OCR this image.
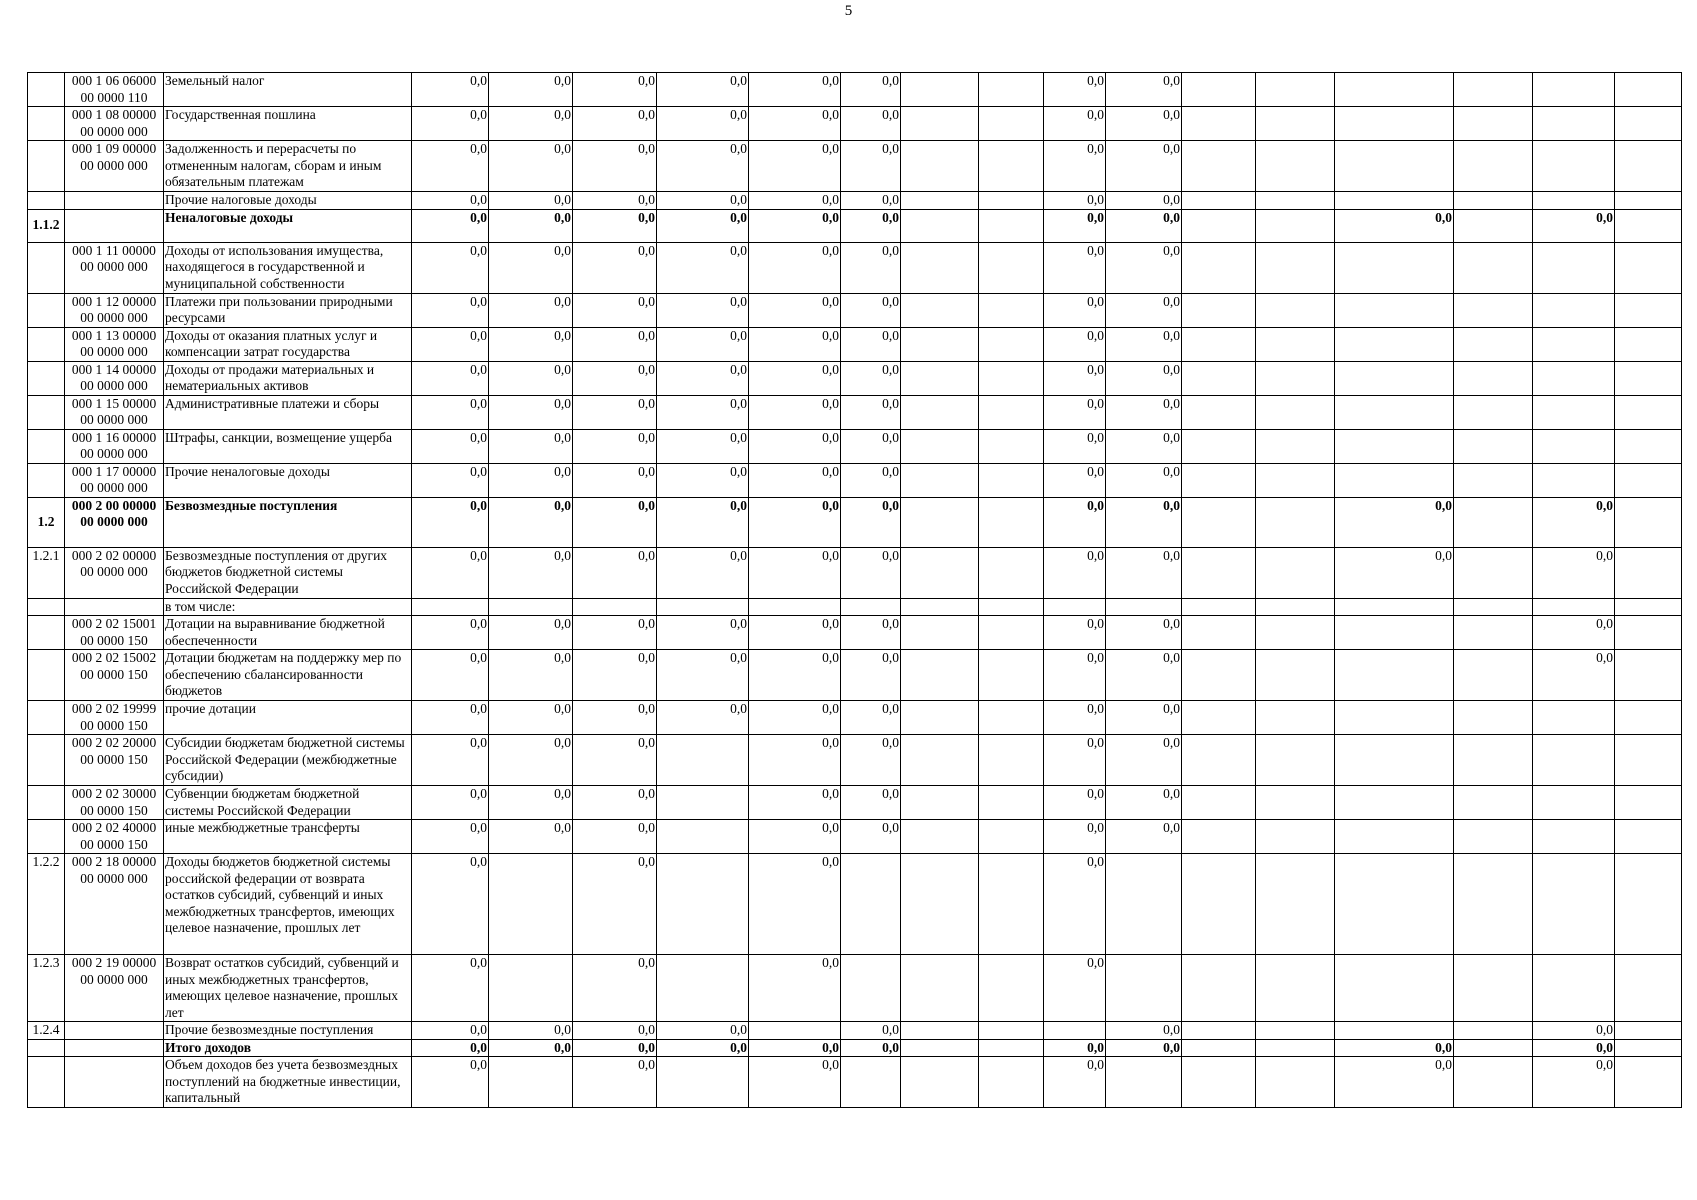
5
	000 1 06 06000 00 0000 110	Земельный налог	0,0	0,0	0,0	0,0	0,0	0,0			0,0	0,0						
	000 1 08 00000 00 0000 000	Государственная пошлина	0,0	0,0	0,0	0,0	0,0	0,0			0,0	0,0						
	000 1 09 00000 00 0000 000	Задолженность и перерасчеты по отмененным налогам, сборам и иным обязательным платежам	0,0	0,0	0,0	0,0	0,0	0,0			0,0	0,0						
		Прочие налоговые доходы	0,0	0,0	0,0	0,0	0,0	0,0			0,0	0,0						
1.1.2		Неналоговые доходы	0,0	0,0	0,0	0,0	0,0	0,0			0,0	0,0			0,0		0,0	
	000 1 11 00000 00 0000 000	Доходы от использования имущества, находящегося в государственной и муниципальной собственности	0,0	0,0	0,0	0,0	0,0	0,0			0,0	0,0						
	000 1 12 00000 00 0000 000	Платежи при пользовании природными ресурсами	0,0	0,0	0,0	0,0	0,0	0,0			0,0	0,0						
	000 1 13 00000 00 0000 000	Доходы от оказания платных услуг и компенсации затрат государства	0,0	0,0	0,0	0,0	0,0	0,0			0,0	0,0						
	000 1 14 00000 00 0000 000	Доходы от продажи материальных и нематериальных активов	0,0	0,0	0,0	0,0	0,0	0,0			0,0	0,0						
	000 1 15 00000 00 0000 000	Административные платежи и сборы	0,0	0,0	0,0	0,0	0,0	0,0			0,0	0,0						
	000 1 16 00000 00 0000 000	Штрафы, санкции, возмещение ущерба	0,0	0,0	0,0	0,0	0,0	0,0			0,0	0,0						
	000 1 17 00000 00 0000 000	Прочие неналоговые доходы	0,0	0,0	0,0	0,0	0,0	0,0			0,0	0,0						
1.2	000 2 00 00000 00 0000 000	Безвозмездные поступления	0,0	0,0	0,0	0,0	0,0	0,0			0,0	0,0			0,0		0,0	
1.2.1	000 2 02 00000 00 0000 000	Безвозмездные поступления от других бюджетов бюджетной системы Российской Федерации	0,0	0,0	0,0	0,0	0,0	0,0			0,0	0,0			0,0		0,0	
		в том числе:																
	000 2 02 15001 00 0000 150	Дотации на выравнивание бюджетной обеспеченности	0,0	0,0	0,0	0,0	0,0	0,0			0,0	0,0					0,0	
	000 2 02 15002 00 0000 150	Дотации бюджетам на поддержку мер по обеспечению сбалансированности бюджетов	0,0	0,0	0,0	0,0	0,0	0,0			0,0	0,0					0,0	
	000 2 02 19999 00 0000 150	прочие дотации	0,0	0,0	0,0	0,0	0,0	0,0			0,0	0,0						
	000 2 02 20000 00 0000 150	Субсидии бюджетам бюджетной системы Российской Федерации (межбюджетные субсидии)	0,0	0,0	0,0		0,0	0,0			0,0	0,0						
	000 2 02 30000 00 0000 150	Субвенции бюджетам бюджетной системы Российской Федерации	0,0	0,0	0,0		0,0	0,0			0,0	0,0						
	000 2 02 40000 00 0000 150	иные межбюджетные трансферты	0,0	0,0	0,0		0,0	0,0			0,0	0,0						
1.2.2	000 2 18 00000 00 0000 000	Доходы бюджетов бюджетной системы российской федерации от возврата остатков субсидий, субвенций и иных межбюджетных трансфертов, имеющих целевое назначение, прошлых лет	0,0		0,0		0,0				0,0							
1.2.3	000 2 19 00000 00 0000 000	Возврат остатков субсидий, субвенций и иных межбюджетных трансфертов, имеющих целевое назначение, прошлых лет	0,0		0,0		0,0				0,0							
1.2.4		Прочие безвозмездные поступления	0,0	0,0	0,0	0,0		0,0				0,0					0,0	
		Итого доходов	0,0	0,0	0,0	0,0	0,0	0,0			0,0	0,0			0,0		0,0	
		Объем доходов без учета безвозмездных поступлений на бюджетные инвестиции, капитальный	0,0		0,0		0,0				0,0				0,0		0,0	
